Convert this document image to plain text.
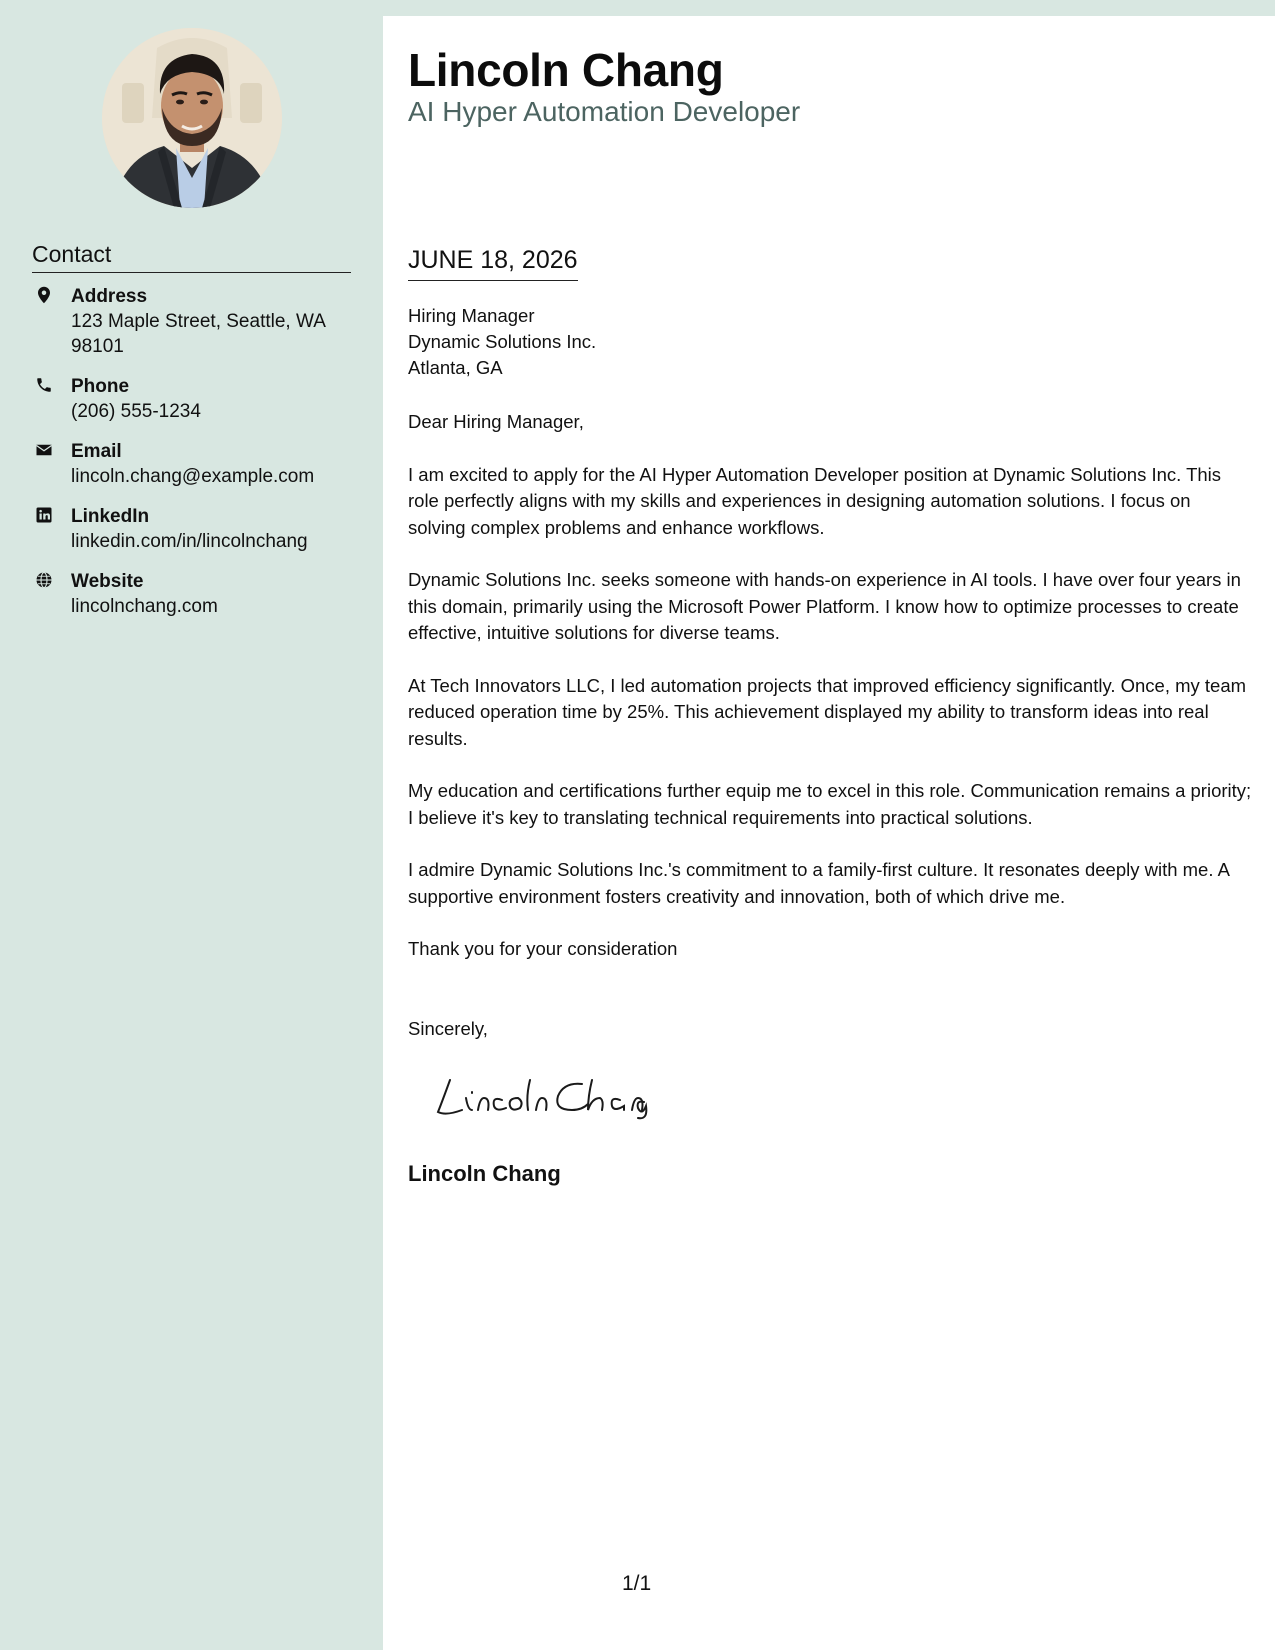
Contact
Address
123 Maple Street, Seattle, WA 98101
Phone
(206) 555-1234
Email
lincoln.chang@example.com
LinkedIn
linkedin.com/in/lincolnchang
Website
lincolnchang.com
Lincoln Chang
AI Hyper Automation Developer
JUNE 18, 2026
Hiring Manager
Dynamic Solutions Inc.
Atlanta, GA

Dear Hiring Manager,

I am excited to apply for the AI Hyper Automation Developer position at Dynamic Solutions Inc. This role perfectly aligns with my skills and experiences in designing automation solutions. I focus on solving complex problems and enhance workflows.

Dynamic Solutions Inc. seeks someone with hands-on experience in AI tools. I have over four years in this domain, primarily using the Microsoft Power Platform. I know how to optimize processes to create effective, intuitive solutions for diverse teams.

At Tech Innovators LLC, I led automation projects that improved efficiency significantly. Once, my team reduced operation time by 25%. This achievement displayed my ability to transform ideas into real results.

My education and certifications further equip me to excel in this role. Communication remains a priority; I believe it's key to translating technical requirements into practical solutions.

I admire Dynamic Solutions Inc.'s commitment to a family-first culture. It resonates deeply with me. A supportive environment fosters creativity and innovation, both of which drive me.

Thank you for your consideration

Sincerely,
Lincoln Chang
1/1
